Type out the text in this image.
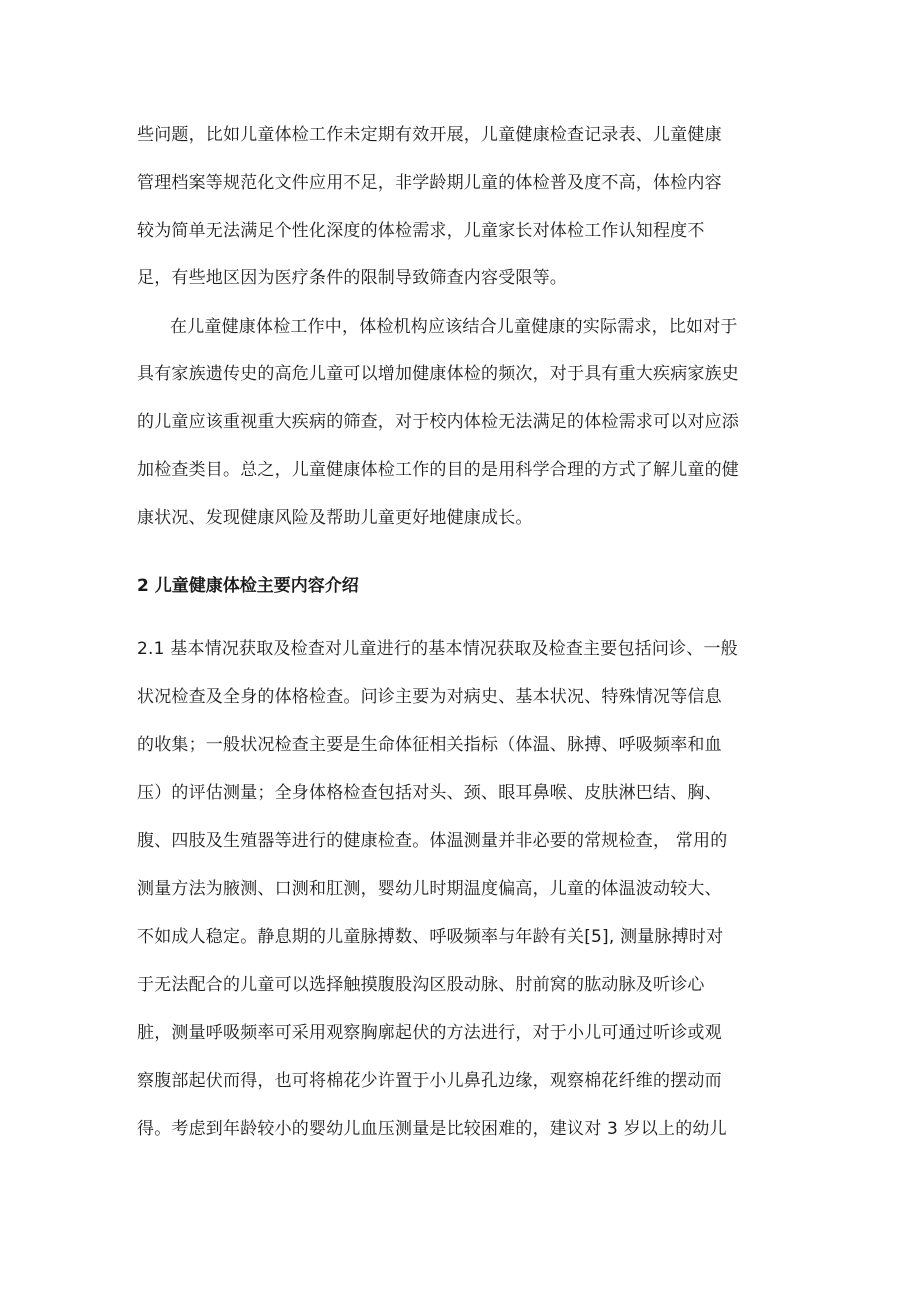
些问题，比如儿童体检工作未定期有效开展，儿童健康检查记录表、儿童健康
管理档案等规范化文件应用不足，非学龄期儿童的体检普及度不高，体检内容
较为简单无法满足个性化深度的体检需求，儿童家长对体检工作认知程度不
足，有些地区因为医疗条件的限制导致筛查内容受限等。
在儿童健康体检工作中，体检机构应该结合儿童健康的实际需求，比如对于
具有家族遗传史的高危儿童可以增加健康体检的频次，对于具有重大疾病家族史
的儿童应该重视重大疾病的筛查，对于校内体检无法满足的体检需求可以对应添
加检查类目。总之，儿童健康体检工作的目的是用科学合理的方式了解儿童的健
康状况、发现健康风险及帮助儿童更好地健康成长。
2 儿童健康体检主要内容介绍
2.1 基本情况获取及检查对儿童进行的基本情况获取及检查主要包括问诊、一般
状况检查及全身的体格检查。问诊主要为对病史、基本状况、特殊情况等信息
的收集；一般状况检查主要是生命体征相关指标（体温、脉搏、呼吸频率和血
压）的评估测量；全身体格检查包括对头、颈、眼耳鼻喉、皮肤淋巴结、胸、
腹、四肢及生殖器等进行的健康检查。体温测量并非必要的常规检查， 常用的
测量方法为腋测、口测和肛测，婴幼儿时期温度偏高，儿童的体温波动较大、
不如成人稳定。静息期的儿童脉搏数、呼吸频率与年龄有关[5], 测量脉搏时对
于无法配合的儿童可以选择触摸腹股沟区股动脉、肘前窝的肱动脉及听诊心
脏，测量呼吸频率可采用观察胸廓起伏的方法进行，对于小儿可通过听诊或观
察腹部起伏而得，也可将棉花少许置于小儿鼻孔边缘，观察棉花纤维的摆动而
得。考虑到年龄较小的婴幼儿血压测量是比较困难的，建议对 3 岁以上的幼儿
